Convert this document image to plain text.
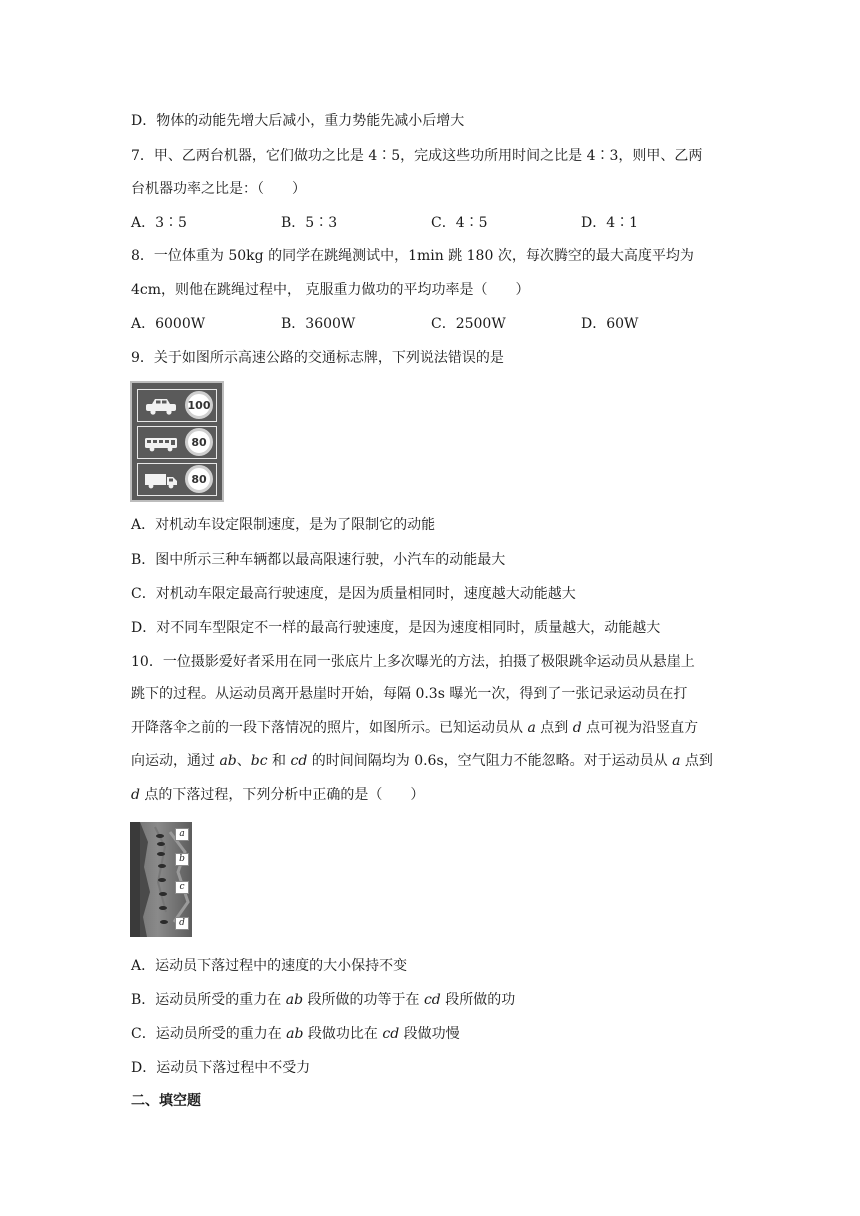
D．物体的动能先增大后减小，重力势能先减小后增大
7．甲、乙两台机器，它们做功之比是 4∶5，完成这些功所用时间之比是 4∶3，则甲、乙两
台机器功率之比是：（　　）
A．3∶5	B．5∶3	C．4∶5	D．4∶1
8．一位体重为 50kg 的同学在跳绳测试中，1min 跳 180 次，每次腾空的最大高度平均为
4cm，则他在跳绳过程中， 克服重力做功的平均功率是（　　）
A．6000W	B．3600W	C．2500W	D．60W
9．关于如图所示高速公路的交通标志牌，下列说法错误的是
100
80
80
A．对机动车设定限制速度，是为了限制它的动能
B．图中所示三种车辆都以最高限速行驶，小汽车的动能最大
C．对机动车限定最高行驶速度，是因为质量相同时，速度越大动能越大
D．对不同车型限定不一样的最高行驶速度，是因为速度相同时，质量越大，动能越大
10．一位摄影爱好者采用在同一张底片上多次曝光的方法，拍摄了极限跳伞运动员从悬崖上
跳下的过程。从运动员离开悬崖时开始，每隔 0.3s 曝光一次，得到了一张记录运动员在打
开降落伞之前的一段下落情况的照片，如图所示。已知运动员从 a 点到 d 点可视为沿竖直方
向运动，通过 ab、bc 和 cd 的时间间隔均为 0.6s，空气阻力不能忽略。对于运动员从 a 点到
d 点的下落过程，下列分析中正确的是（　　）
a
b
c
d
A．运动员下落过程中的速度的大小保持不变
B．运动员所受的重力在 ab 段所做的功等于在 cd 段所做的功
C．运动员所受的重力在 ab 段做功比在 cd 段做功慢
D．运动员下落过程中不受力
二、填空题
